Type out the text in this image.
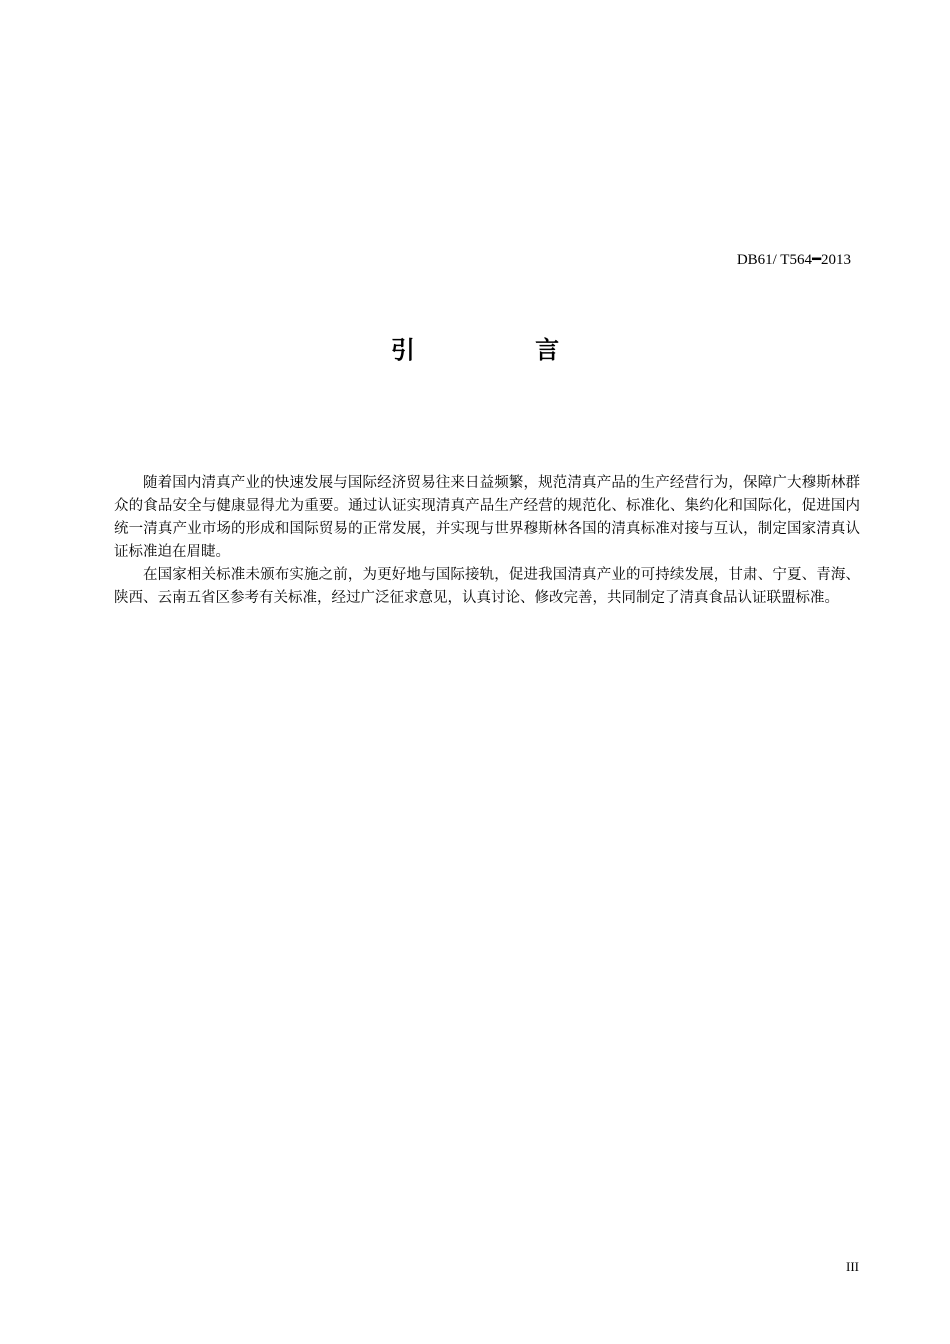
DB61/ T564━2013
引 言

随着国内清真产业的快速发展与国际经济贸易往来日益频繁，规范清真产品的生产经营行为，保障广大穆斯林群众的食品安全与健康显得尤为重要。通过认证实现清真产品生产经营的规范化、标准化、集约化和国际化，促进国内统一清真产业市场的形成和国际贸易的正常发展，并实现与世界穆斯林各国的清真标准对接与互认，制定国家清真认证标准迫在眉睫。

在国家相关标准未颁布实施之前，为更好地与国际接轨，促进我国清真产业的可持续发展，甘肃、宁夏、青海、陕西、云南五省区参考有关标准，经过广泛征求意见，认真讨论、修改完善，共同制定了清真食品认证联盟标准。

III
